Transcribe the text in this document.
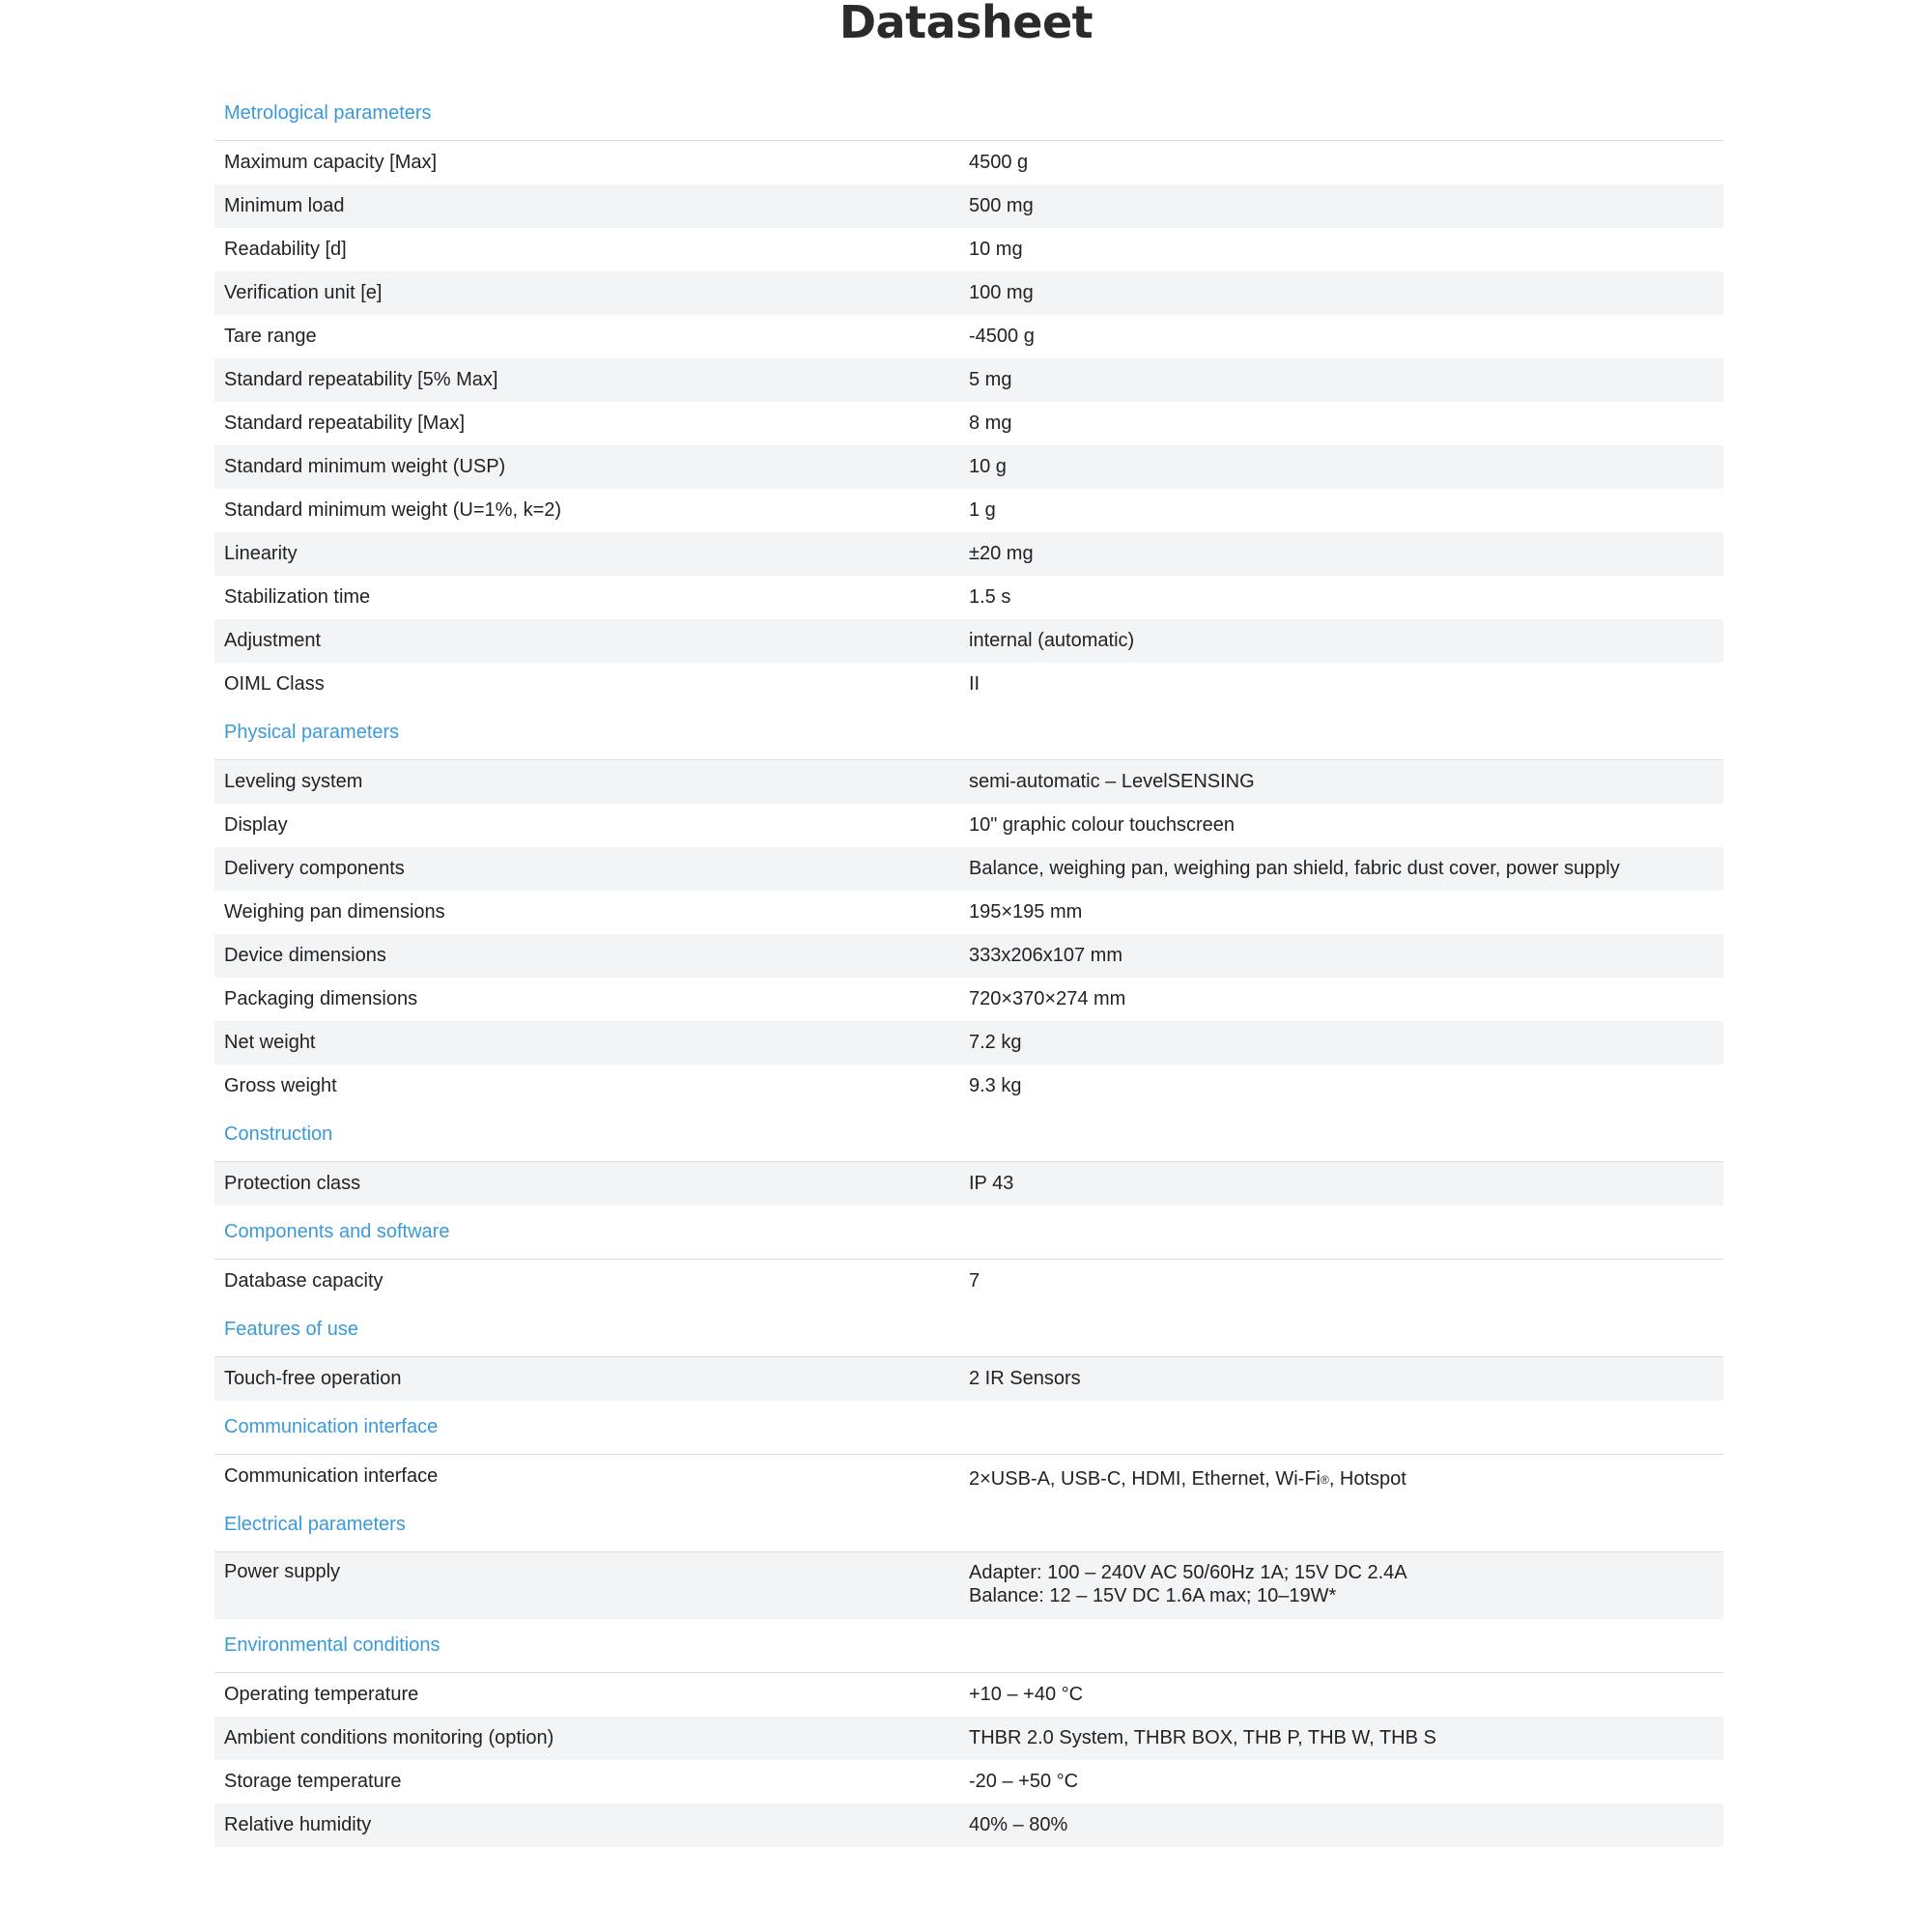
Datasheet
Metrological parameters
Maximum capacity [Max]	4500 g
Minimum load	500 mg
Readability [d]	10 mg
Verification unit [e]	100 mg
Tare range	-4500 g
Standard repeatability [5% Max]	5 mg
Standard repeatability [Max]	8 mg
Standard minimum weight (USP)	10 g
Standard minimum weight (U=1%, k=2)	1 g
Linearity	±20 mg
Stabilization time	1.5 s
Adjustment	internal (automatic)
OIML Class	II
Physical parameters
Leveling system	semi-automatic – LevelSENSING
Display	10" graphic colour touchscreen
Delivery components	Balance, weighing pan, weighing pan shield, fabric dust cover, power supply
Weighing pan dimensions	195×195 mm
Device dimensions	333x206x107 mm
Packaging dimensions	720×370×274 mm
Net weight	7.2 kg
Gross weight	9.3 kg
Construction
Protection class	IP 43
Components and software
Database capacity	7
Features of use
Touch-free operation	2 IR Sensors
Communication interface
Communication interface	2×USB-A, USB-C, HDMI, Ethernet, Wi-Fi ® , Hotspot
Electrical parameters
Power supply	Adapter: 100 – 240V AC 50/60Hz 1A; 15V DC 2.4A
Balance: 12 – 15V DC 1.6A max; 10–19W*
Environmental conditions
Operating temperature	+10 – +40 °C
Ambient conditions monitoring (option)	THBR 2.0 System, THBR BOX, THB P, THB W, THB S
Storage temperature	-20 – +50 °C
Relative humidity	40% – 80%
